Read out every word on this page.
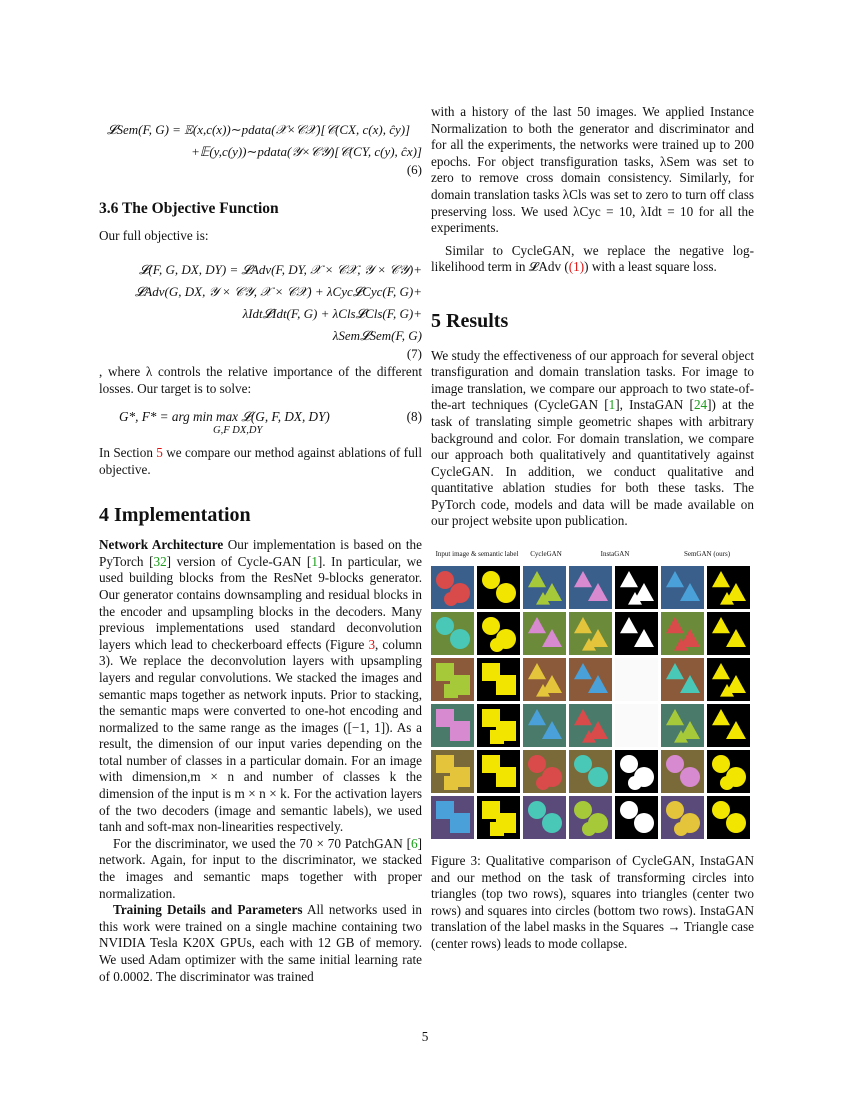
𝓛Sem(F, G) = 𝔼(x,c(x))∼pdata(𝒳×𝒞𝒳)[𝒞(CX, c(x), ĉy)]
+𝔼(y,c(y))∼pdata(𝒴×𝒞𝒴)[𝒞(CY, c(y), ĉx)]
(6)
3.6 The Objective Function

Our full objective is:

𝓛(F, G, DX, DY) = 𝓛Adv(F, DY, 𝒳 × 𝒞𝒳, 𝒴 × 𝒞𝒴)+
𝓛Adv(G, DX, 𝒴 × 𝒞𝒴, 𝒳 × 𝒞𝒳) + λCyc𝓛Cyc(F, G)+
λIdt𝓛Idt(F, G) + λCls𝓛Cls(F, G)+
λSem𝓛Sem(F, G)
(7)

, where λ controls the relative importance of the different losses. Our target is to solve:

G*, F* = arg min max 𝓛(G, F, DX, DY)
G,F DX,DY
(8)

In Section 5 we compare our method against ablations of full objective.

4 Implementation

Network Architecture Our implementation is based on the PyTorch [32] version of Cycle-GAN [1]. In particular, we used building blocks from the ResNet 9-blocks generator. Our generator contains downsampling and residual blocks in the encoder and upsampling blocks in the decoders. Many previous implementations used standard deconvolution layers which lead to checkerboard effects (Figure 3, column 3). We replace the deconvolution layers with upsampling layers and regular convolutions. We stacked the images and semantic maps together as network inputs. Prior to stacking, the semantic maps were converted to one-hot encoding and normalized to the same range as the images ([−1, 1]). As a result, the dimension of our input varies depending on the total number of classes in a particular domain. For an image with dimension,m × n and number of classes k the dimension of the input is m × n × k. For the activation layers of the two decoders (image and semantic labels), we used tanh and soft-max non-linearities respectively.

For the discriminator, we used the 70 × 70 PatchGAN [6] network. Again, for input to the discriminator, we stacked the images and semantic maps together with proper normalization.

Training Details and Parameters All networks used in this work were trained on a single machine containing two NVIDIA Tesla K20X GPUs, each with 12 GB of memory. We used Adam optimizer with the same initial learning rate of 0.0002. The discriminator was trained

with a history of the last 50 images. We applied Instance Normalization to both the generator and discriminator and for all the experiments, the networks were trained up to 200 epochs. For object transfiguration tasks, λSem was set to zero to remove cross domain consistency. Similarly, for domain translation tasks λCls was set to zero to turn off class preserving loss. We used λCyc = 10, λIdt = 10 for all the experiments.

Similar to CycleGAN, we replace the negative log-likelihood term in 𝓛Adv ((1)) with a least square loss.

5 Results

We study the effectiveness of our approach for several object transfiguration and domain translation tasks. For image to image translation, we compare our approach to two state-of-the-art techniques (CycleGAN [1], InstaGAN [24]) at the task of translating simple geometric shapes with arbitrary background and color. For domain translation, we compare our approach both qualitatively and quantitatively against CycleGAN. In addition, we conduct qualitative and quantitative ablation studies for both these tasks. The PyTorch code, models and data will be made available on our project website upon publication.

Input image & semantic label	CycleGAN	InstaGAN	SemGAN (ours)
Figure 3: Qualitative comparison of CycleGAN, InstaGAN and our method on the task of transforming circles into triangles (top two rows), squares into triangles (center two rows) and squares into circles (bottom two rows). InstaGAN translation of the label masks in the Squares → Triangle case (center rows) leads to mode collapse.
5
